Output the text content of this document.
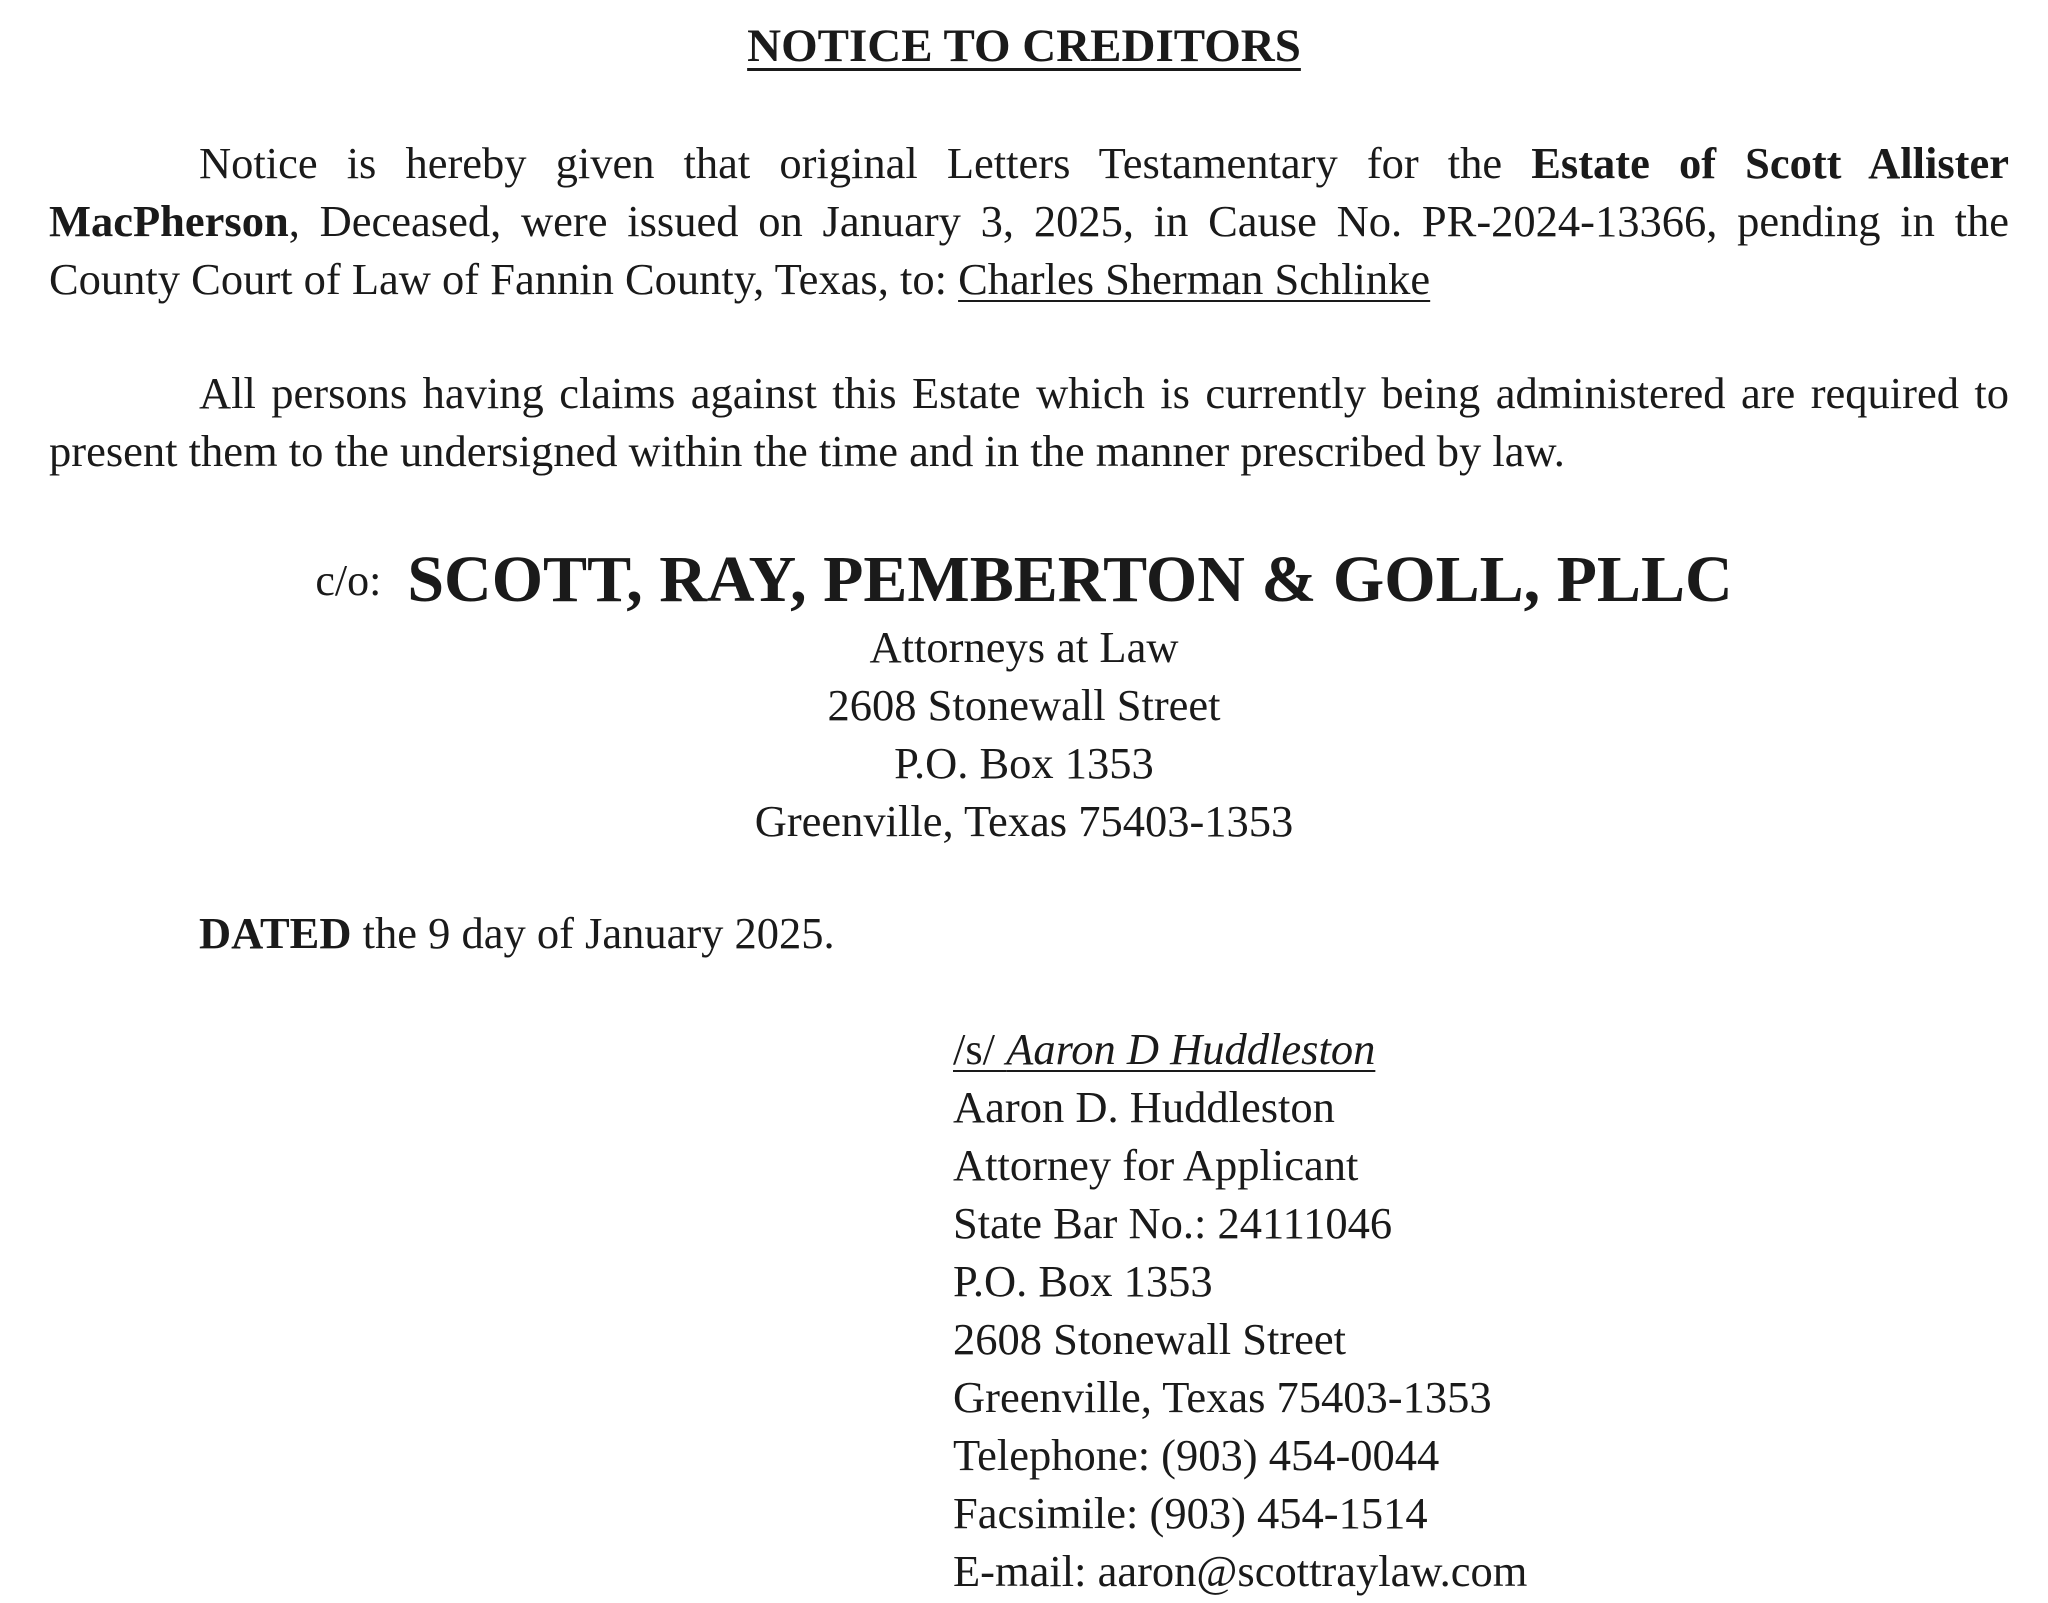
NOTICE TO CREDITORS
Notice is hereby given that original Letters Testamentary for the Estate of Scott Allister MacPherson, Deceased, were issued on January 3, 2025, in Cause No. PR-2024-13366, pending in the County Court of Law of Fannin County, Texas, to: Charles Sherman Schlinke
All persons having claims against this Estate which is currently being administered are required to present them to the undersigned within the time and in the manner prescribed by law.
c/o: SCOTT, RAY, PEMBERTON & GOLL, PLLC
Attorneys at Law
2608 Stonewall Street
P.O. Box 1353
Greenville, Texas 75403-1353
DATED the 9 day of January 2025.
/s/ Aaron D Huddleston
Aaron D. Huddleston
Attorney for Applicant
State Bar No.: 24111046
P.O. Box 1353
2608 Stonewall Street
Greenville, Texas 75403-1353
Telephone: (903) 454-0044
Facsimile: (903) 454-1514
E-mail: aaron@scottraylaw.com
